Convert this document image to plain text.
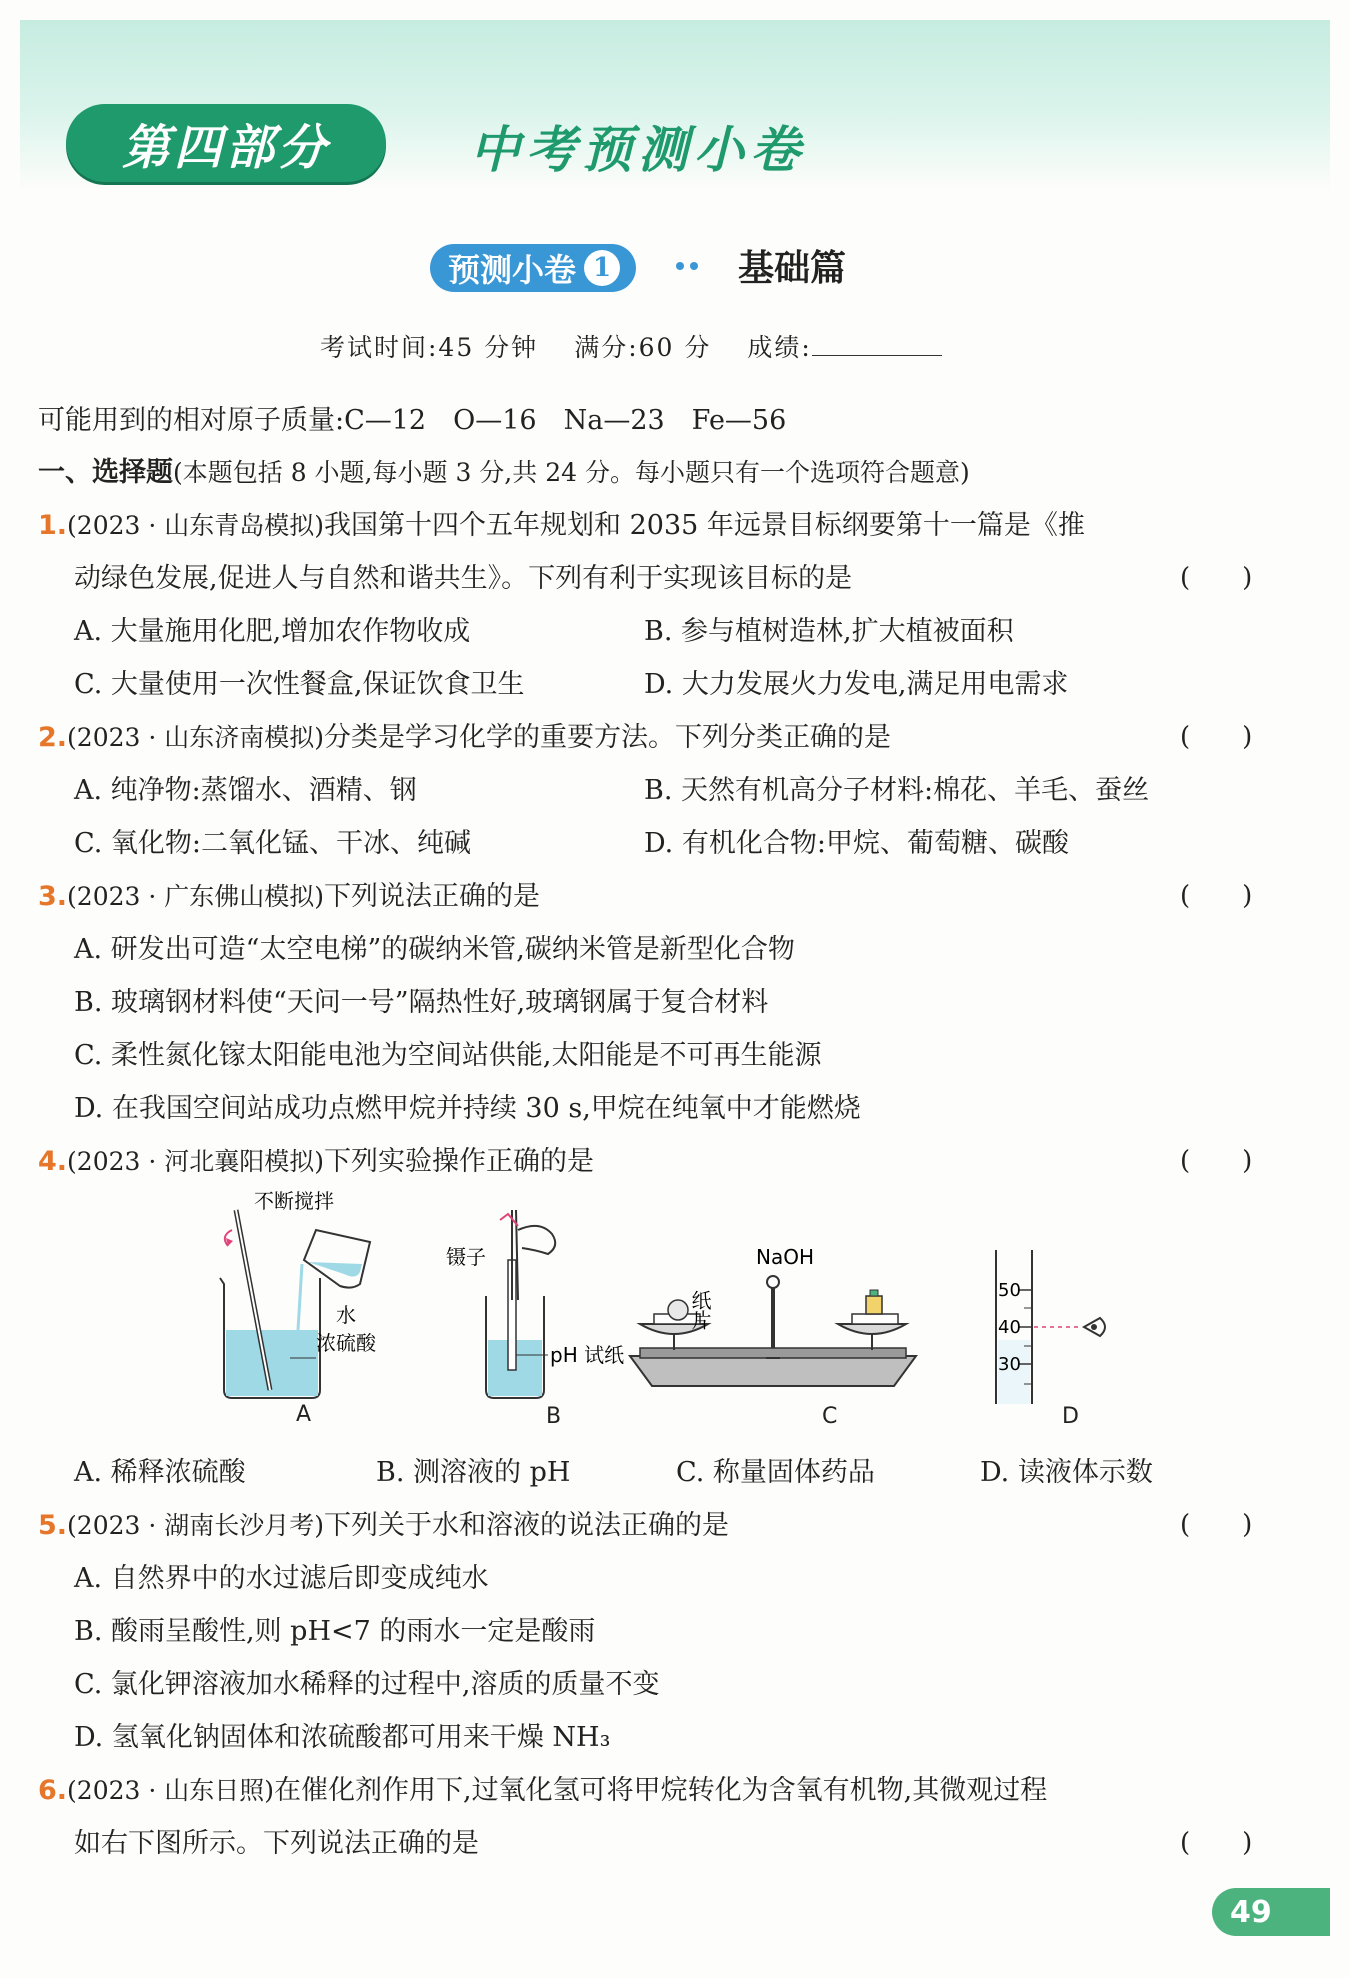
第四部分	中考预测小卷
预测小卷 1	基础篇
考试时间:45 分钟 满分:60 分 成绩:
可能用到的相对原子质量:C—12　O—16　Na—23　Fe—56
一、选择题(本题包括 8 小题,每小题 3 分,共 24 分。每小题只有一个选项符合题意)
1.(2023 · 山东青岛模拟)我国第十四个五年规划和 2035 年远景目标纲要第十一篇是《推
动绿色发展,促进人与自然和谐共生》。下列有利于实现该目标的是	(　　)
A. 大量施用化肥,增加农作物收成	B. 参与植树造林,扩大植被面积
C. 大量使用一次性餐盒,保证饮食卫生	D. 大力发展火力发电,满足用电需求
2.(2023 · 山东济南模拟)分类是学习化学的重要方法。下列分类正确的是	(　　)
A. 纯净物:蒸馏水、酒精、钢	B. 天然有机高分子材料:棉花、羊毛、蚕丝
C. 氧化物:二氧化锰、干冰、纯碱	D. 有机化合物:甲烷、葡萄糖、碳酸
3.(2023 · 广东佛山模拟)下列说法正确的是	(　　)
A. 研发出可造“太空电梯”的碳纳米管,碳纳米管是新型化合物
B. 玻璃钢材料使“天问一号”隔热性好,玻璃钢属于复合材料
C. 柔性氮化镓太阳能电池为空间站供能,太阳能是不可再生能源
D. 在我国空间站成功点燃甲烷并持续 30 s,甲烷在纯氧中才能燃烧
4.(2023 · 河北襄阳模拟)下列实验操作正确的是	(　　)
不断搅拌
水
浓硫酸
镊子
pH 试纸
NaOH
纸片	50
40
30
A	B	C	D
A. 稀释浓硫酸	B. 测溶液的 pH	C. 称量固体药品	D. 读液体示数
5.(2023 · 湖南长沙月考)下列关于水和溶液的说法正确的是	(　　)
A. 自然界中的水过滤后即变成纯水
B. 酸雨呈酸性,则 pH<7 的雨水一定是酸雨
C. 氯化钾溶液加水稀释的过程中,溶质的质量不变
D. 氢氧化钠固体和浓硫酸都可用来干燥 NH₃
6.(2023 · 山东日照)在催化剂作用下,过氧化氢可将甲烷转化为含氧有机物,其微观过程
如右下图所示。下列说法正确的是	(　　)
49
